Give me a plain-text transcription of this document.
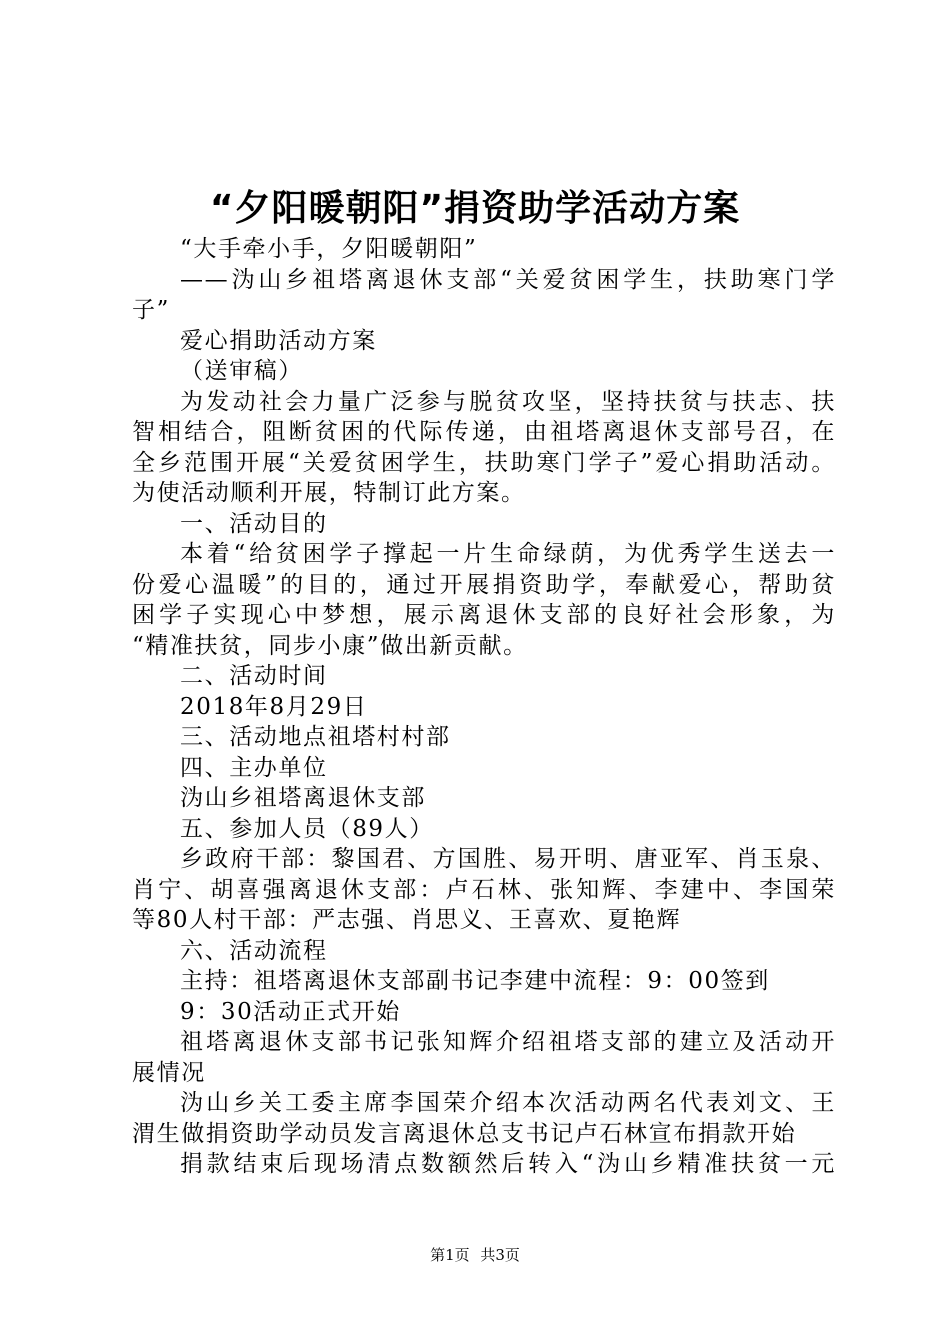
“夕阳暖朝阳”捐资助学活动方案
“大手牵小手，夕阳暖朝阳”
——沩山乡祖塔离退休支部“关爱贫困学生，扶助寒门学
子”
爱心捐助活动方案
（送审稿）
为发动社会力量广泛参与脱贫攻坚，坚持扶贫与扶志、扶
智相结合，阻断贫困的代际传递，由祖塔离退休支部号召，在
全乡范围开展“关爱贫困学生，扶助寒门学子”爱心捐助活动。
为使活动顺利开展，特制订此方案。
一、活动目的
本着“给贫困学子撑起一片生命绿荫，为优秀学生送去一
份爱心温暖”的目的，通过开展捐资助学，奉献爱心，帮助贫
困学子实现心中梦想，展示离退休支部的良好社会形象，为
“精准扶贫，同步小康”做出新贡献。
二、活动时间
2018年8月29日
三、活动地点祖塔村村部
四、主办单位
沩山乡祖塔离退休支部
五、参加人员（89人）
乡政府干部：黎国君、方国胜、易开明、唐亚军、肖玉泉、
肖宁、胡喜强离退休支部：卢石林、张知辉、李建中、李国荣
等80人村干部：严志强、肖思义、王喜欢、夏艳辉
六、活动流程
主持：祖塔离退休支部副书记李建中流程：9：00签到
9：30活动正式开始
祖塔离退休支部书记张知辉介绍祖塔支部的建立及活动开
展情况
沩山乡关工委主席李国荣介绍本次活动两名代表刘文、王
渭生做捐资助学动员发言离退休总支书记卢石林宣布捐款开始
捐款结束后现场清点数额然后转入“沩山乡精准扶贫一元
第1页 共3页
